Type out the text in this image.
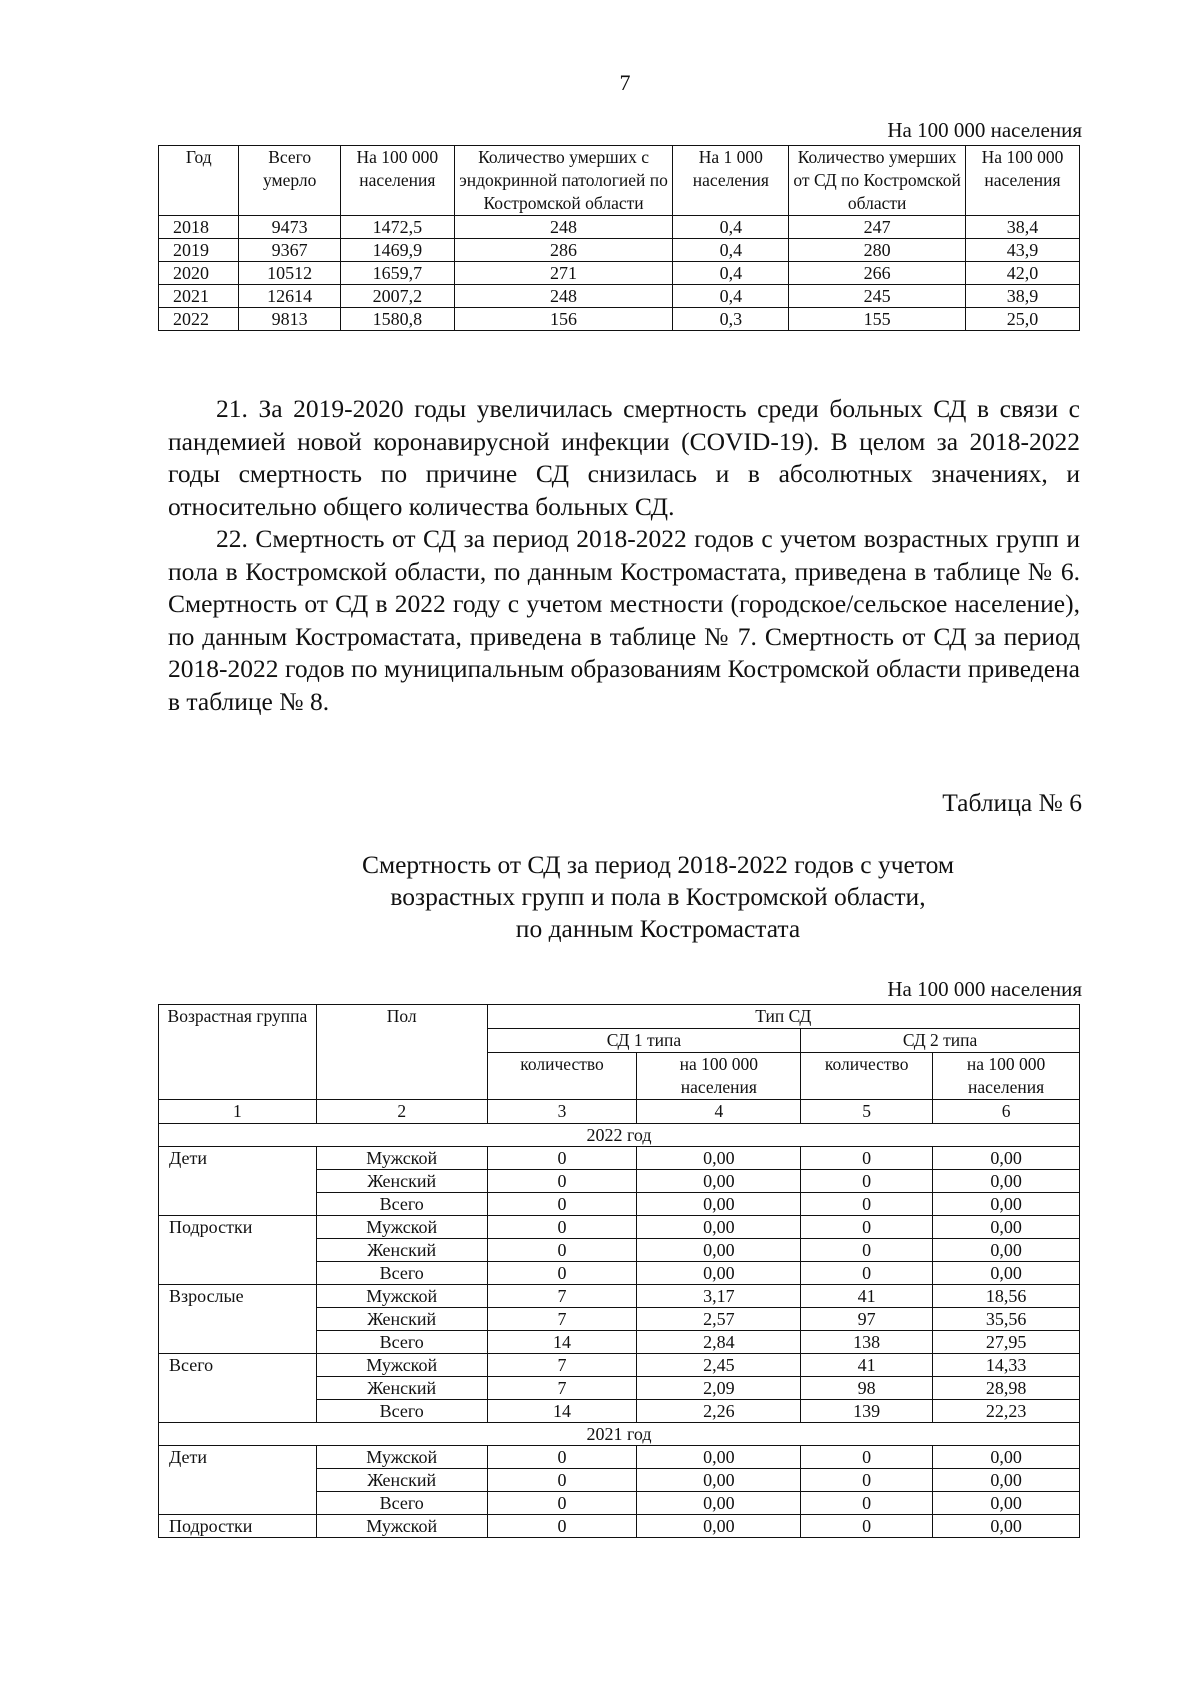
7
На 100 000 населения
Год	Всего умерло	На 100 000 населения	Количество умерших с эндокринной патологией по Костромской области	На 1 000 населения	Количество умерших от СД по Костромской области	На 100 000 населения
2018	9473	1472,5	248	0,4	247	38,4
2019	9367	1469,9	286	0,4	280	43,9
2020	10512	1659,7	271	0,4	266	42,0
2021	12614	2007,2	248	0,4	245	38,9
2022	9813	1580,8	156	0,3	155	25,0

21. За 2019-2020 годы увеличилась смертность среди больных СД в связи с пандемией новой коронавирусной инфекции (COVID-19). В целом за 2018-2022 годы смертность по причине СД снизилась и в абсолютных значениях, и относительно общего количества больных СД.

22. Смертность от СД за период 2018-2022 годов с учетом возрастных групп и пола в Костромской области, по данным Костромастата, приведена в таблице № 6. Смертность от СД в 2022 году с учетом местности (городское/сельское население), по данным Костромастата, приведена в таблице № 7. Смертность от СД за период 2018-2022 годов по муниципальным образованиям Костромской области приведена в таблице № 8.

Таблица № 6
Смертность от СД за период 2018-2022 годов с учетом
возрастных групп и пола в Костромской области,
по данным Костромастата
На 100 000 населения
Возрастная группа	Пол	Тип СД			
		СД 1 типа		СД 2 типа	
		количество	на 100 000 населения	количество	на 100 000 населения
1	2	3	4	5	6
2022 год					
Дети	Мужской	0	0,00	0	0,00
	Женский	0	0,00	0	0,00
	Всего	0	0,00	0	0,00
Подростки	Мужской	0	0,00	0	0,00
	Женский	0	0,00	0	0,00
	Всего	0	0,00	0	0,00
Взрослые	Мужской	7	3,17	41	18,56
	Женский	7	2,57	97	35,56
	Всего	14	2,84	138	27,95
Всего	Мужской	7	2,45	41	14,33
	Женский	7	2,09	98	28,98
	Всего	14	2,26	139	22,23
2021 год					
Дети	Мужской	0	0,00	0	0,00
	Женский	0	0,00	0	0,00
	Всего	0	0,00	0	0,00
Подростки	Мужской	0	0,00	0	0,00
